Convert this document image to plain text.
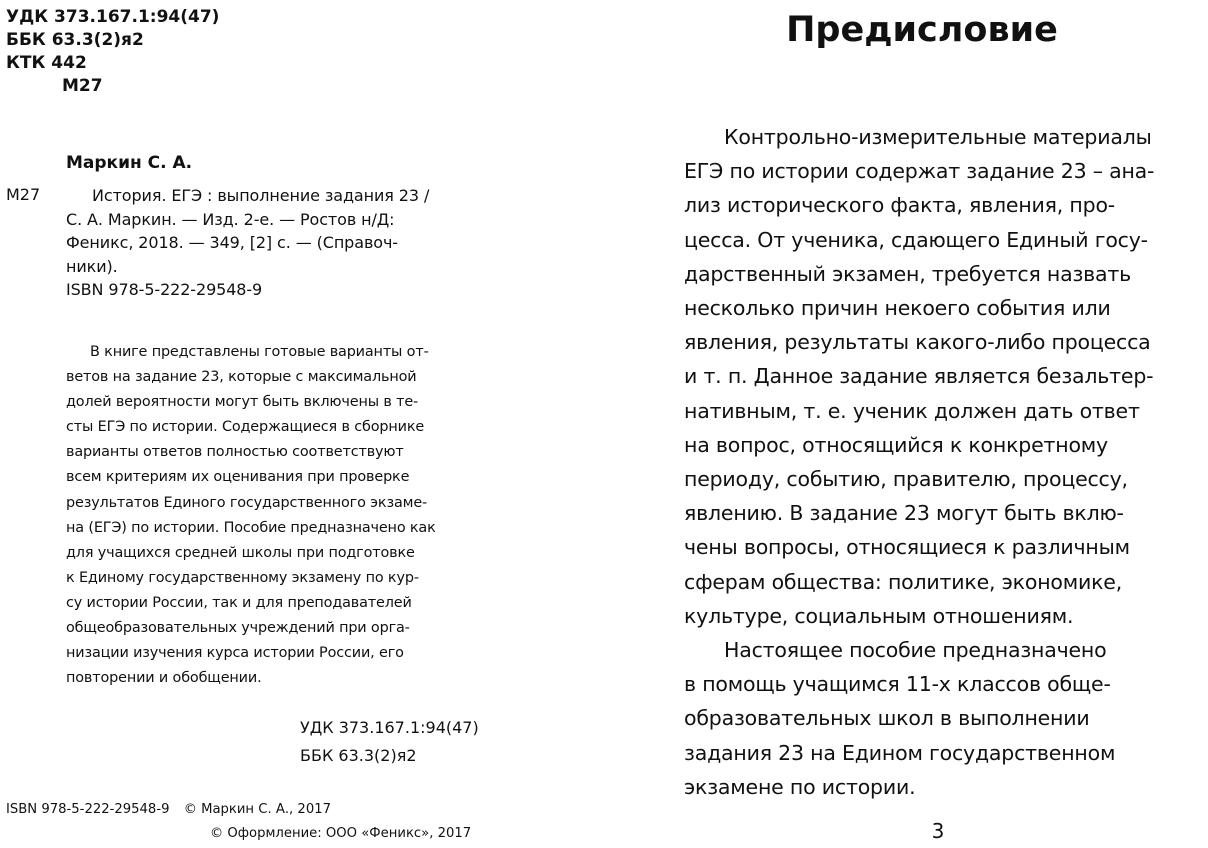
УДК 373.167.1:94(47)
ББК 63.3(2)я2
КТК 442
М27
Маркин С. А.
М27	История. ЕГЭ : выполнение задания 23 /
С. А. Маркин. — Изд. 2-е. — Ростов н/Д:
Феникс, 2018. — 349, [2] с. — (Справоч-
ники).
ISBN 978-5-222-29548-9
В книге представлены готовые варианты от-
ветов на задание 23, которые с максимальной
долей вероятности могут быть включены в те-
сты ЕГЭ по истории. Содержащиеся в сборнике
варианты ответов полностью соответствуют
всем критериям их оценивания при проверке
результатов Единого государственного экзаме-
на (ЕГЭ) по истории. Пособие предназначено как
для учащихся средней школы при подготовке
к Единому государственному экзамену по кур-
су истории России, так и для преподавателей
общеобразовательных учреждений при орга-
низации изучения курса истории России, его
повторении и обобщении.
УДК 373.167.1:94(47)
ББК 63.3(2)я2
ISBN 978-5-222-29548-9 © Маркин С. А., 2017
© Оформление: ООО «Феникс», 2017
Предисловие
Контрольно-измерительные материалы
ЕГЭ по истории содержат задание 23 – ана-
лиз исторического факта, явления, про-
цесса. От ученика, сдающего Единый госу-
дарственный экзамен, требуется назвать
несколько причин некоего события или
явления, результаты какого-либо процесса
и т. п. Данное задание является безальтер-
нативным, т. е. ученик должен дать ответ
на вопрос, относящийся к конкретному
периоду, событию, правителю, процессу,
явлению. В задание 23 могут быть вклю-
чены вопросы, относящиеся к различным
сферам общества: политике, экономике,
культуре, социальным отношениям.
Настоящее пособие предназначено
в помощь учащимся 11-х классов обще-
образовательных школ в выполнении
задания 23 на Едином государственном
экзамене по истории.
3
